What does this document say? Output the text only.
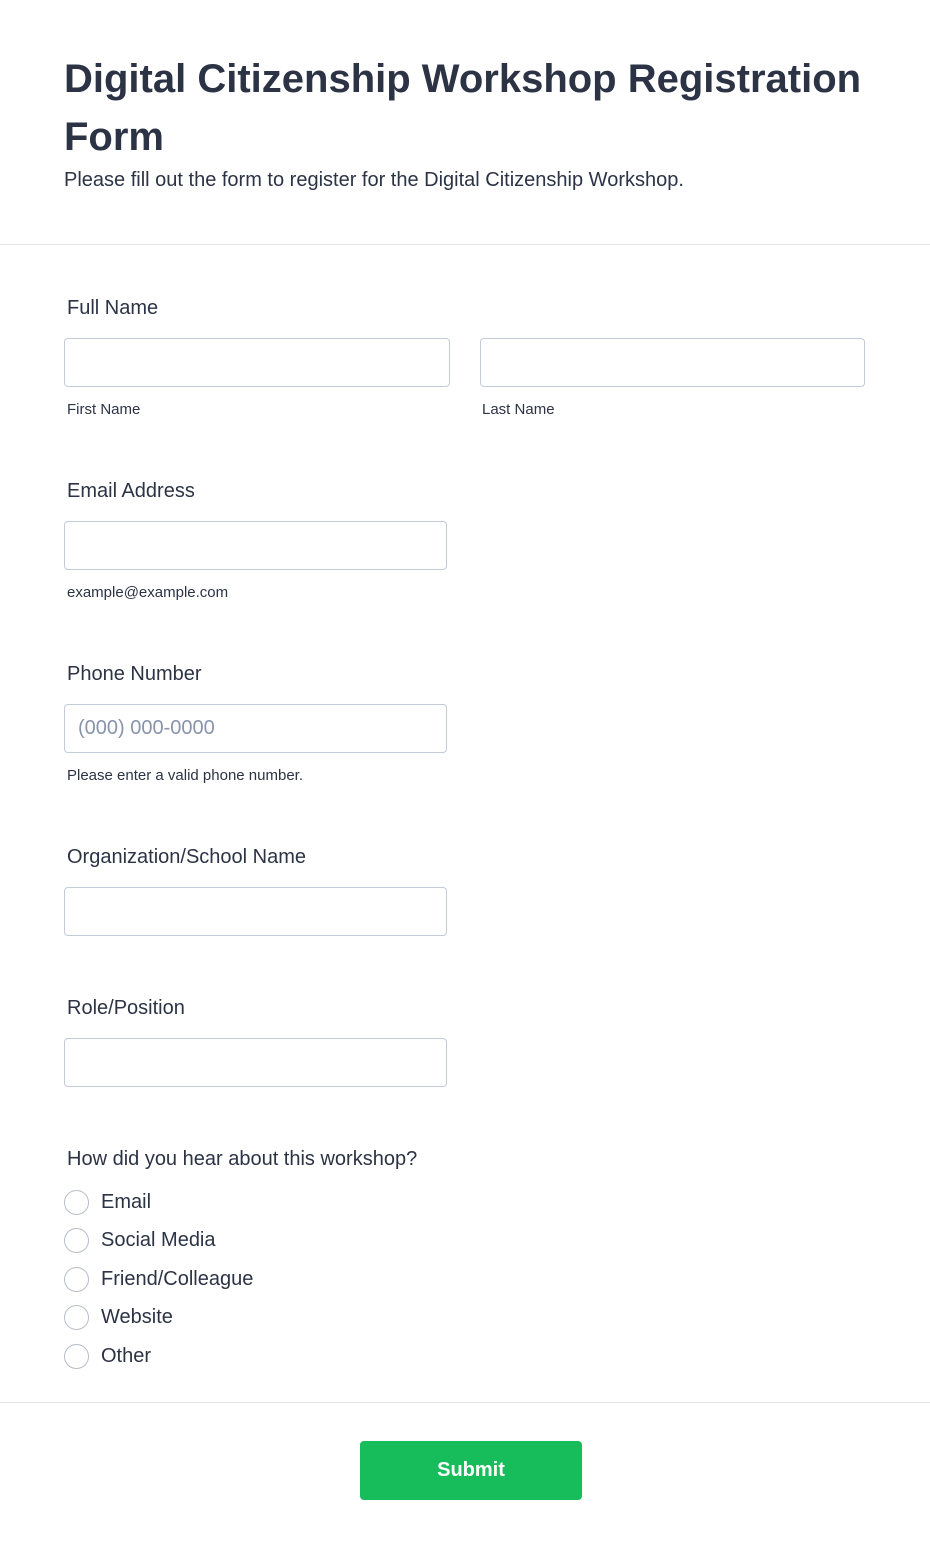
Digital Citizenship Workshop Registration Form

Please fill out the form to register for the Digital Citizenship Workshop.

Full Name
First Name	Last Name
Email Address
example@example.com
Phone Number
(000) 000-0000
Please enter a valid phone number.
Organization/School Name
Role/Position
How did you hear about this workshop?
Email
Social Media
Friend/Colleague
Website
Other
Submit
